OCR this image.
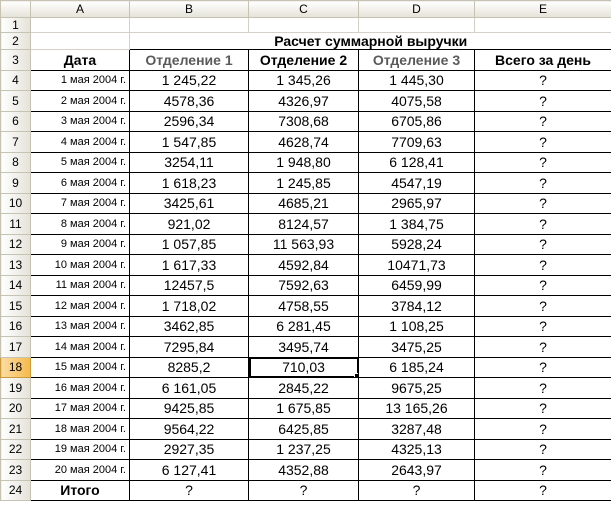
	A	B	C	D	E
1					
2		Расчет суммарной выручки			
3	Дата	Отделение 1	Отделение 2	Отделение 3	Всего за день
4	1 мая 2004 г.	1 245,22	1 345,26	1 445,30	?
5	2 мая 2004 г.	4578,36	4326,97	4075,58	?
6	3 мая 2004 г.	2596,34	7308,68	6705,86	?
7	4 мая 2004 г.	1 547,85	4628,74	7709,63	?
8	5 мая 2004 г.	3254,11	1 948,80	6 128,41	?
9	6 мая 2004 г.	1 618,23	1 245,85	4547,19	?
10	7 мая 2004 г.	3425,61	4685,21	2965,97	?
11	8 мая 2004 г.	921,02	8124,57	1 384,75	?
12	9 мая 2004 г.	1 057,85	11 563,93	5928,24	?
13	10 мая 2004 г.	1 617,33	4592,84	10471,73	?
14	11 мая 2004 г.	12457,5	7592,63	6459,99	?
15	12 мая 2004 г.	1 718,02	4758,55	3784,12	?
16	13 мая 2004 г.	3462,85	6 281,45	1 108,25	?
17	14 мая 2004 г.	7295,84	3495,74	3475,25	?
18	15 мая 2004 г.	8285,2	710,03	6 185,24	?
19	16 мая 2004 г.	6 161,05	2845,22	9675,25	?
20	17 мая 2004 г.	9425,85	1 675,85	13 165,26	?
21	18 мая 2004 г.	9564,22	6425,85	3287,48	?
22	19 мая 2004 г.	2927,35	1 237,25	4325,13	?
23	20 мая 2004 г.	6 127,41	4352,88	2643,97	?
24	Итого	?	?	?	?
